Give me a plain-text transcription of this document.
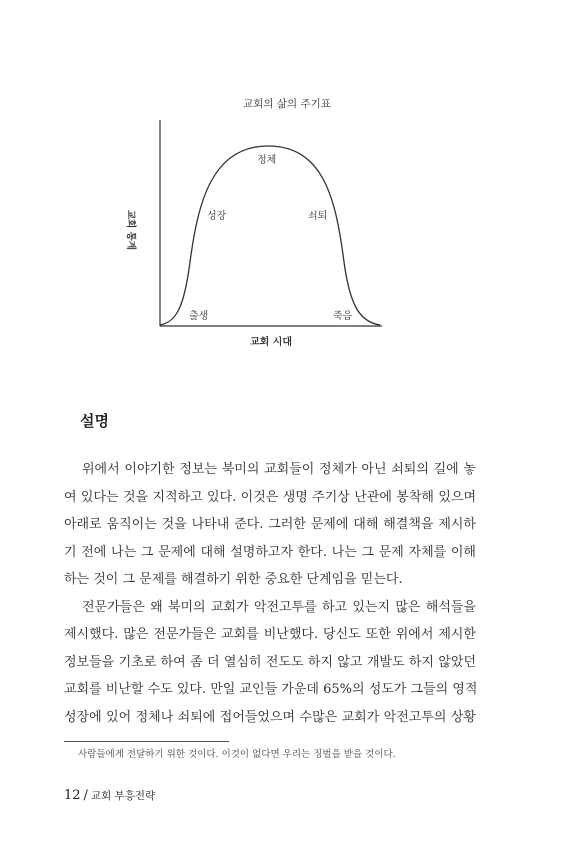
교회의 삶의 주기표
교회 통계
정체
성장	쇠퇴
출생	죽음
교회 시대
설명
위에서 이야기한 정보는 북미의 교회들이 정체가 아닌 쇠퇴의 길에 놓
여 있다는 것을 지적하고 있다. 이것은 생명 주기상 난관에 봉착해 있으며
아래로 움직이는 것을 나타내 준다. 그러한 문제에 대해 해결책을 제시하
기 전에 나는 그 문제에 대해 설명하고자 한다. 나는 그 문제 자체를 이해
하는 것이 그 문제를 해결하기 위한 중요한 단계임을 믿는다.
전문가들은 왜 북미의 교회가 악전고투를 하고 있는지 많은 해석들을
제시했다. 많은 전문가들은 교회를 비난했다. 당신도 또한 위에서 제시한
정보들을 기초로 하여 좀 더 열심히 전도도 하지 않고 개발도 하지 않았던
교회를 비난할 수도 있다. 만일 교인들 가운데 65%의 성도가 그들의 영적
성장에 있어 정체나 쇠퇴에 접어들었으며 수많은 교회가 악전고투의 상황
사람들에게 전달하기 위한 것이다. 이것이 없다면 우리는 징벌을 받을 것이다.
12 / 교회 부흥전략
